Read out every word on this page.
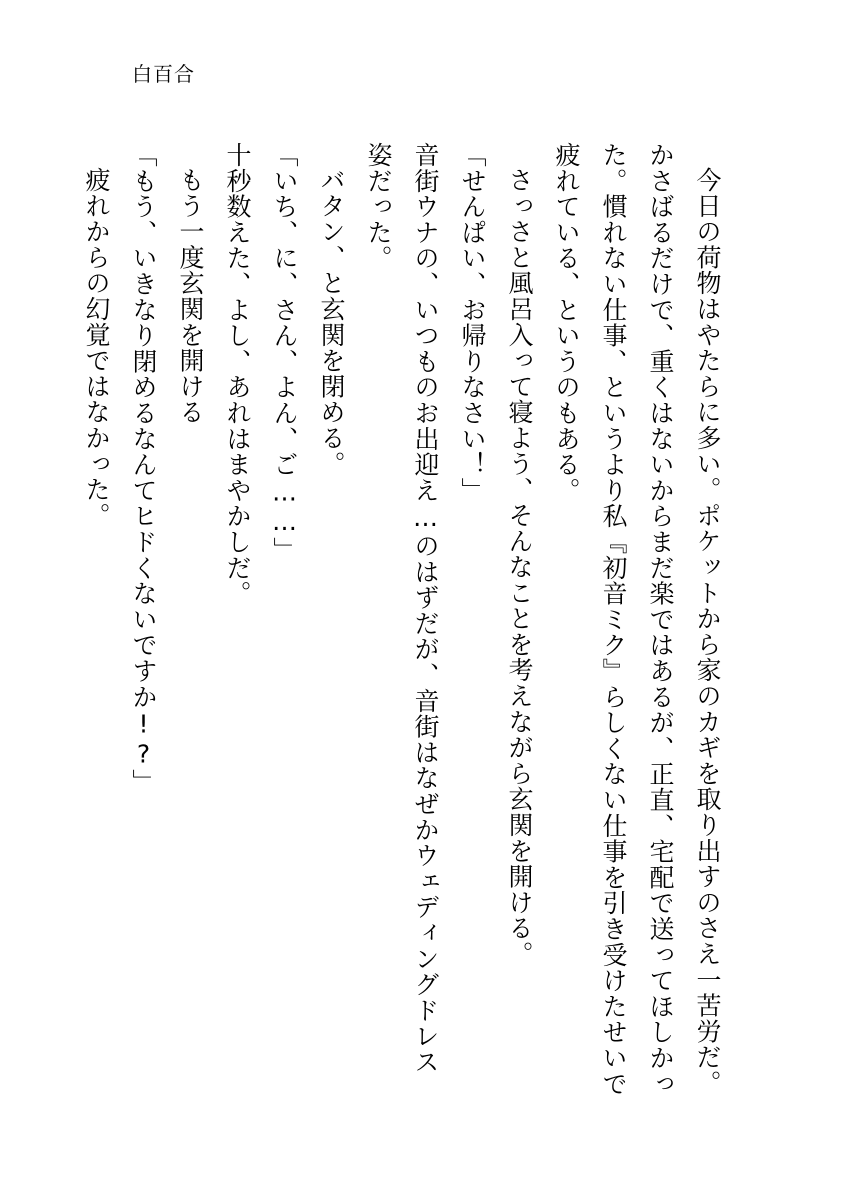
白百合
今日の荷物はやたらに多い。ポケットから家のカギを取り出すのさえ一苦労だ。
かさばるだけで、重くはないからまだ楽ではあるが、正直、宅配で送ってほしかっ
た。慣れない仕事、というより私『初音ミク』らしくない仕事を引き受けたせいで
疲れている、というのもある。
さっさと風呂入って寝よう、そんなことを考えながら玄関を開ける。
「せんぱい、お帰りなさい！」
音街ウナの、いつものお出迎え…のはずだが、音街はなぜかウェディングドレス
姿だった。
バタン、と玄関を閉める。
「いち、に、さん、よん、ご……」
十秒数えた、よし、あれはまやかしだ。
もう一度玄関を開ける
「もう、いきなり閉めるなんてヒドくないですか!?」
疲れからの幻覚ではなかった。
